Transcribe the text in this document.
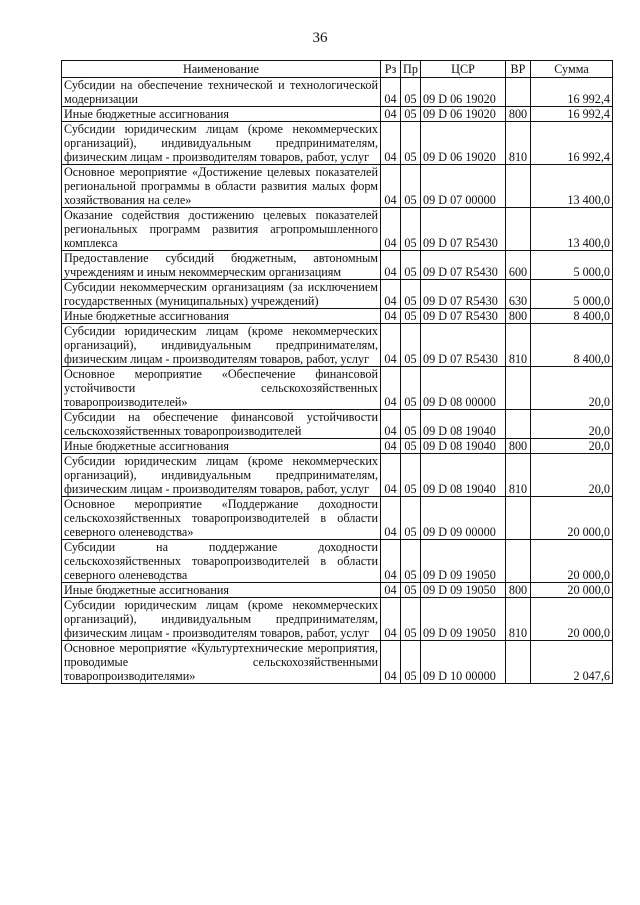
36
Наименование	Рз	Пр	ЦСР	ВР	Сумма
Субсидии на обеспечение технической и технологической модернизации	04	05	09 D 06 19020		16 992,4
Иные бюджетные ассигнования	04	05	09 D 06 19020	800	16 992,4
Субсидии юридическим лицам (кроме некоммерческих организаций), индивидуальным предпринимателям, физическим лицам - производителям товаров, работ, услуг	04	05	09 D 06 19020	810	16 992,4
Основное мероприятие «Достижение целевых показателей региональной программы в области развития малых форм хозяйствования на селе»	04	05	09 D 07 00000		13 400,0
Оказание содействия достижению целевых показателей региональных программ развития агропромышленного комплекса	04	05	09 D 07 R5430		13 400,0
Предоставление субсидий бюджетным, автономным учреждениям и иным некоммерческим организациям	04	05	09 D 07 R5430	600	5 000,0
Субсидии некоммерческим организациям (за исключением государственных (муниципальных) учреждений)	04	05	09 D 07 R5430	630	5 000,0
Иные бюджетные ассигнования	04	05	09 D 07 R5430	800	8 400,0
Субсидии юридическим лицам (кроме некоммерческих организаций), индивидуальным предпринимателям, физическим лицам - производителям товаров, работ, услуг	04	05	09 D 07 R5430	810	8 400,0
Основное мероприятие «Обеспечение финансовой устойчивости сельскохозяйственных товаропроизводителей»	04	05	09 D 08 00000		20,0
Субсидии на обеспечение финансовой устойчивости сельскохозяйственных товаропроизводителей	04	05	09 D 08 19040		20,0
Иные бюджетные ассигнования	04	05	09 D 08 19040	800	20,0
Субсидии юридическим лицам (кроме некоммерческих организаций), индивидуальным предпринимателям, физическим лицам - производителям товаров, работ, услуг	04	05	09 D 08 19040	810	20,0
Основное мероприятие «Поддержание доходности сельскохозяйственных товаропроизводителей в области северного оленеводства»	04	05	09 D 09 00000		20 000,0
Субсидии на поддержание доходности сельскохозяйственных товаропроизводителей в области северного оленеводства	04	05	09 D 09 19050		20 000,0
Иные бюджетные ассигнования	04	05	09 D 09 19050	800	20 000,0
Субсидии юридическим лицам (кроме некоммерческих организаций), индивидуальным предпринимателям, физическим лицам - производителям товаров, работ, услуг	04	05	09 D 09 19050	810	20 000,0
Основное мероприятие «Культуртехнические мероприятия, проводимые сельскохозяйственными товаропроизводителями»	04	05	09 D 10 00000		2 047,6
